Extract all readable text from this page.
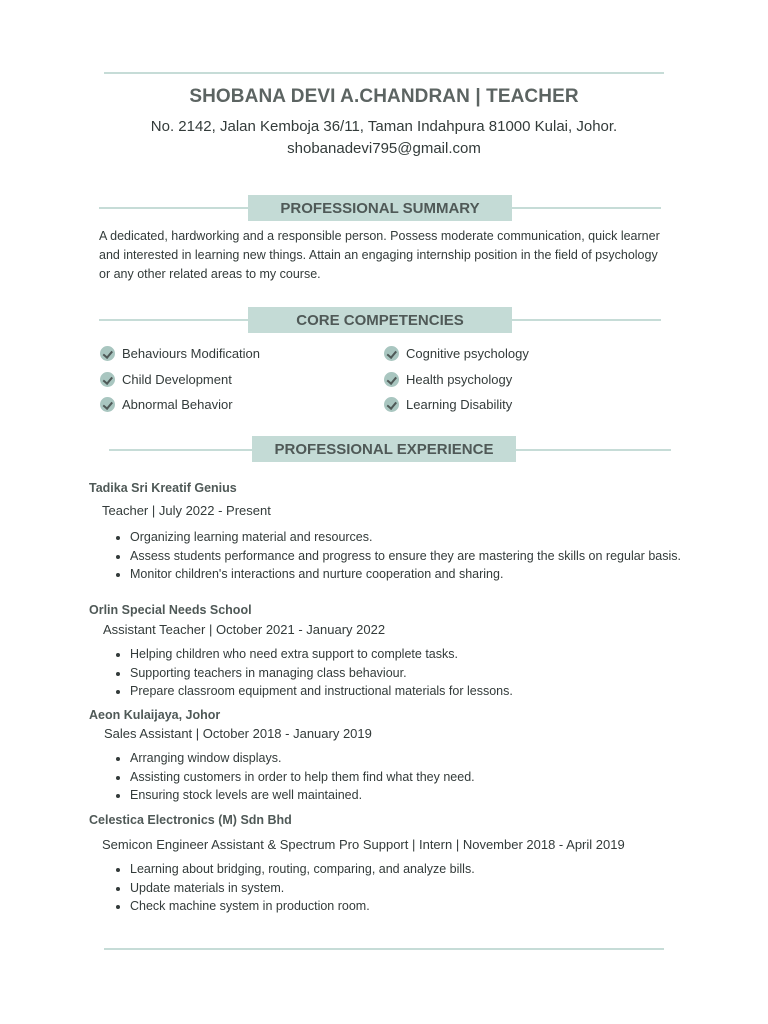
SHOBANA DEVI A.CHANDRAN | TEACHER
No. 2142, Jalan Kemboja 36/11, Taman Indahpura 81000 Kulai, Johor.
shobanadevi795@gmail.com
PROFESSIONAL SUMMARY
A dedicated, hardworking and a responsible person. Possess moderate communication, quick learner and interested in learning new things. Attain an engaging internship position in the field of psychology or any other related areas to my course.
CORE COMPETENCIES
Behaviours Modification
Child Development
Abnormal Behavior
Cognitive psychology
Health psychology
Learning Disability
PROFESSIONAL EXPERIENCE
Tadika Sri Kreatif Genius
Teacher | July 2022 - Present
• Organizing learning material and resources.
• Assess students performance and progress to ensure they are mastering the skills on regular basis.
• Monitor children's interactions and nurture cooperation and sharing.
Orlin Special Needs School
Assistant Teacher | October 2021 - January 2022
• Helping children who need extra support to complete tasks.
• Supporting teachers in managing class behaviour.
• Prepare classroom equipment and instructional materials for lessons.
Aeon Kulaijaya, Johor
Sales Assistant | October 2018 - January 2019
• Arranging window displays.
• Assisting customers in order to help them find what they need.
• Ensuring stock levels are well maintained.
Celestica Electronics (M) Sdn Bhd
Semicon Engineer Assistant & Spectrum Pro Support | Intern | November 2018 - April 2019
• Learning about bridging, routing, comparing, and analyze bills.
• Update materials in system.
• Check machine system in production room.
